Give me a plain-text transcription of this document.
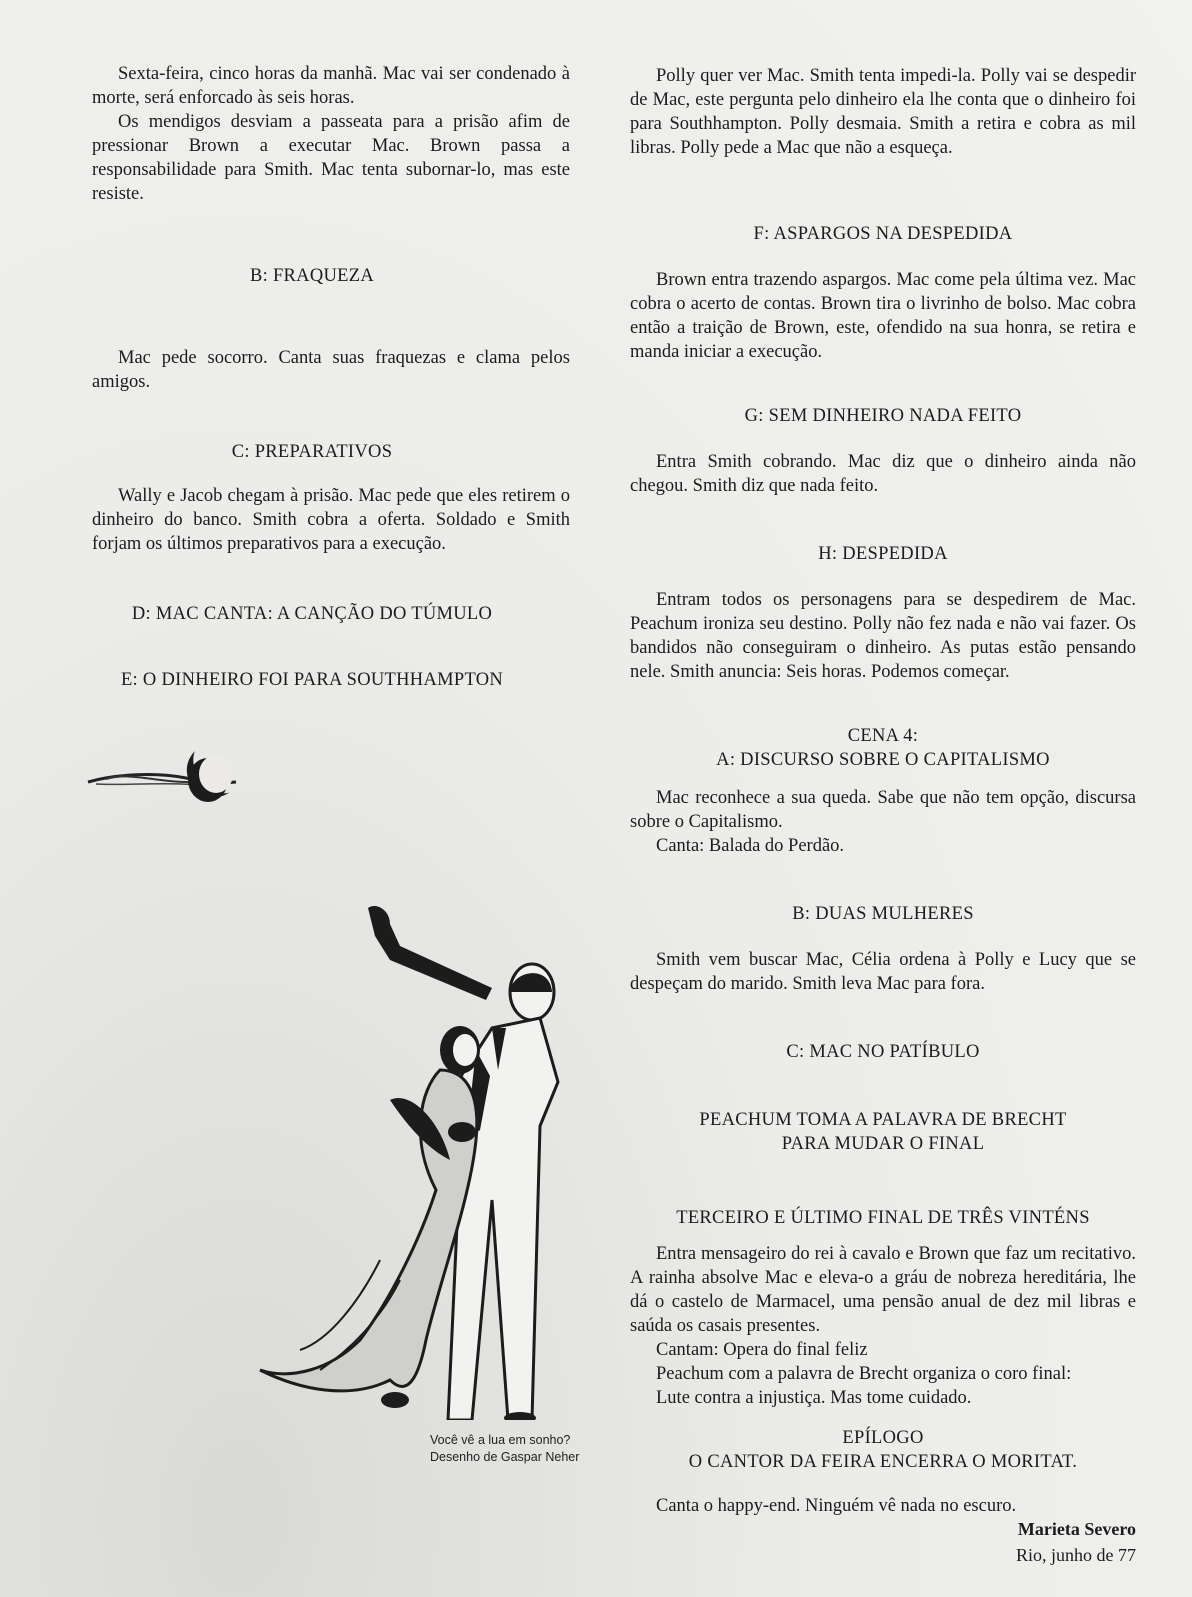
Sexta-feira, cinco horas da manhã. Mac vai ser condenado à morte, será enforcado às seis horas.

Os mendigos desviam a passeata para a prisão afim de pressionar Brown a executar Mac. Brown passa a responsabilidade para Smith. Mac tenta subornar-lo, mas este resiste.

B: FRAQUEZA

Mac pede socorro. Canta suas fraquezas e clama pelos amigos.

C: PREPARATIVOS

Wally e Jacob chegam à prisão. Mac pede que eles retirem o dinheiro do banco. Smith cobra a oferta. Soldado e Smith forjam os últimos preparativos para a execução.

D: MAC CANTA: A CANÇÃO DO TÚMULO
E: O DINHEIRO FOI PARA SOUTHHAMPTON
Você vê a lua em sonho?
Desenho de Gaspar Neher

Polly quer ver Mac. Smith tenta impedi-la. Polly vai se despedir de Mac, este pergunta pelo dinheiro ela lhe conta que o dinheiro foi para Southhampton. Polly desmaia. Smith a retira e cobra as mil libras. Polly pede a Mac que não a esqueça.

F: ASPARGOS NA DESPEDIDA

Brown entra trazendo aspargos. Mac come pela última vez. Mac cobra o acerto de contas. Brown tira o livrinho de bolso. Mac cobra então a traição de Brown, este, ofendido na sua honra, se retira e manda iniciar a execução.

G: SEM DINHEIRO NADA FEITO

Entra Smith cobrando. Mac diz que o dinheiro ainda não chegou. Smith diz que nada feito.

H: DESPEDIDA

Entram todos os personagens para se despedirem de Mac. Peachum ironiza seu destino. Polly não fez nada e não vai fazer. Os bandidos não conseguiram o dinheiro. As putas estão pensando nele. Smith anuncia: Seis horas. Podemos começar.

CENA 4:
A: DISCURSO SOBRE O CAPITALISMO

Mac reconhece a sua queda. Sabe que não tem opção, discursa sobre o Capitalismo.
Canta: Balada do Perdão.

B: DUAS MULHERES

Smith vem buscar Mac, Célia ordena à Polly e Lucy que se despeçam do marido. Smith leva Mac para fora.

C: MAC NO PATÍBULO
PEACHUM TOMA A PALAVRA DE BRECHT
PARA MUDAR O FINAL
TERCEIRO E ÚLTIMO FINAL DE TRÊS VINTÉNS

Entra mensageiro do rei à cavalo e Brown que faz um recitativo. A rainha absolve Mac e eleva-o a gráu de nobreza hereditária, lhe dá o castelo de Marmacel, uma pensão anual de dez mil libras e saúda os casais presentes.
Cantam: Opera do final feliz
Peachum com a palavra de Brecht organiza o coro final:
Lute contra a injustiça. Mas tome cuidado.

EPÍLOGO
O CANTOR DA FEIRA ENCERRA O MORITAT.

Canta o happy-end. Ninguém vê nada no escuro.

Marieta Severo
Rio, junho de 77
